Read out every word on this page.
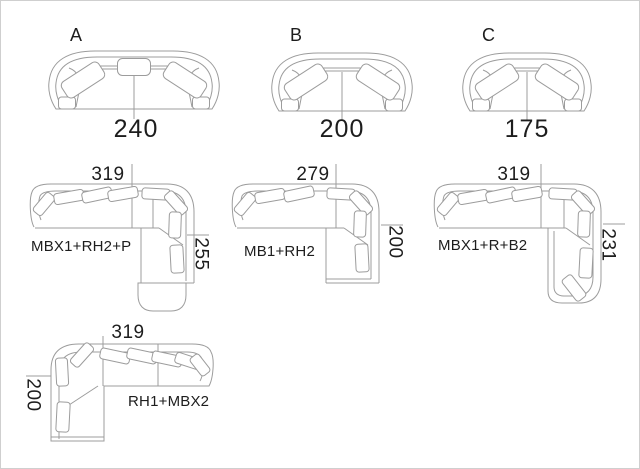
A
240
B
200
C
175
319
255
MBX1+RH2+P
279
200
MB1+RH2
319
231
MBX1+R+B2
319
200	RH1+MBX2
